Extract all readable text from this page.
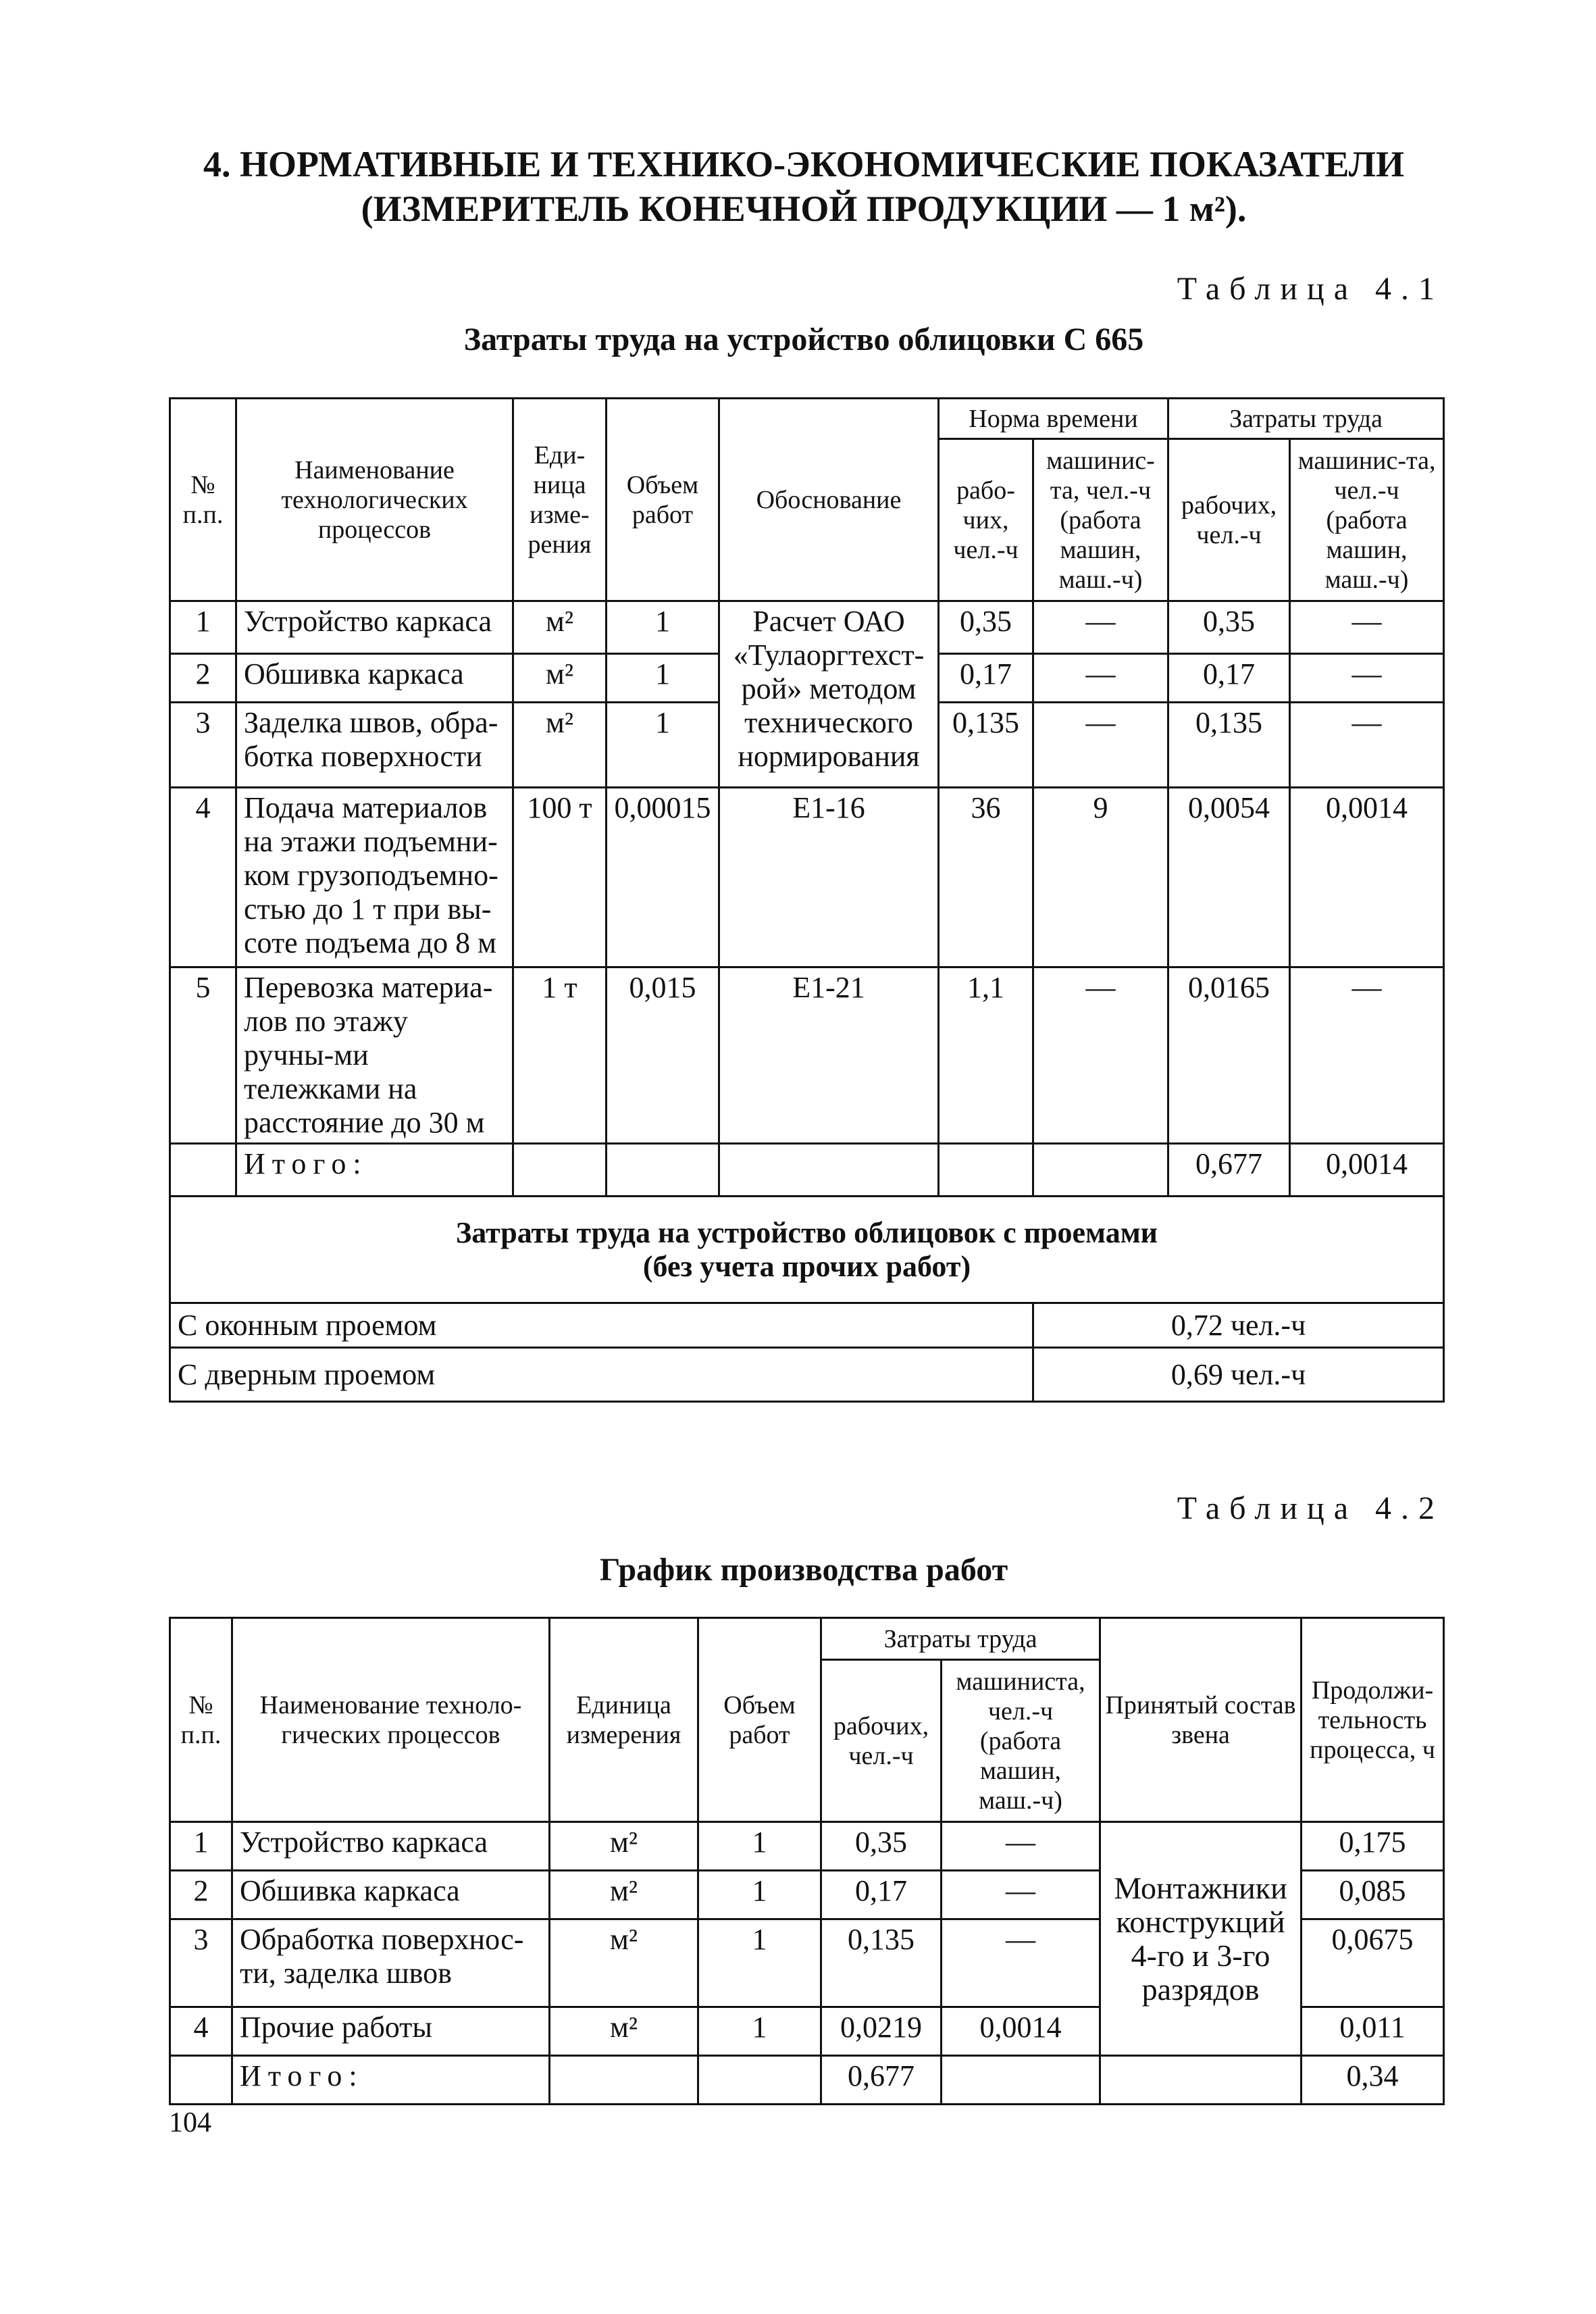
4. НОРМАТИВНЫЕ И ТЕХНИКО-ЭКОНОМИЧЕСКИЕ ПОКАЗАТЕЛИ
(ИЗМЕРИТЕЛЬ КОНЕЧНОЙ ПРОДУКЦИИ — 1 м²).
Таблица 4.1
Затраты труда на устройство облицовки С 665
№ п.п.	Наименование технологических процессов	Еди-ница изме-рения	Объем работ	Обоснование	Норма времени		Затраты труда	
					рабо-чих, чел.-ч	машинис-та, чел.-ч (работа машин, маш.-ч)	рабочих, чел.-ч	машинис-та, чел.-ч (работа машин, маш.-ч)
1	Устройство каркаса	м²	1	Расчет ОАО «Тулаоргтехст-рой» методом технического нормирования	0,35	—	0,35	—
2	Обшивка каркаса	м²	1		0,17	—	0,17	—
3	Заделка швов, обра-ботка поверхности	м²	1		0,135	—	0,135	—
4	Подача материалов на этажи подъемни-ком грузоподъемно-стью до 1 т при вы-соте подъема до 8 м	100 т	0,00015	Е1-16	36	9	0,0054	0,0014
5	Перевозка материа-лов по этажу ручны-ми тележками на расстояние до 30 м	1 т	0,015	Е1-21	1,1	—	0,0165	—
	Итого:						0,677	0,0014

Затраты труда на устройство облицовок с проемами
(без учета прочих работ)								

С оконным проемом						0,72 чел.-ч		
С дверным проемом						0,69 чел.-ч		
Таблица 4.2
График производства работ
№ п.п.	Наименование техноло-гических процессов	Единица измерения	Объем работ	Затраты труда		Принятый состав звена	Продолжи-тельность процесса, ч
				рабочих, чел.-ч	машиниста, чел.-ч (работа машин, маш.-ч)		
1	Устройство каркаса	м²	1	0,35	—	Монтажники конструкций 4-го и 3-го разрядов	0,175
2	Обшивка каркаса	м²	1	0,17	—		0,085
3	Обработка поверхнос-ти, заделка швов	м²	1	0,135	—		0,0675
4	Прочие работы	м²	1	0,0219	0,0014		0,011
	Итого:			0,677			0,34
104
